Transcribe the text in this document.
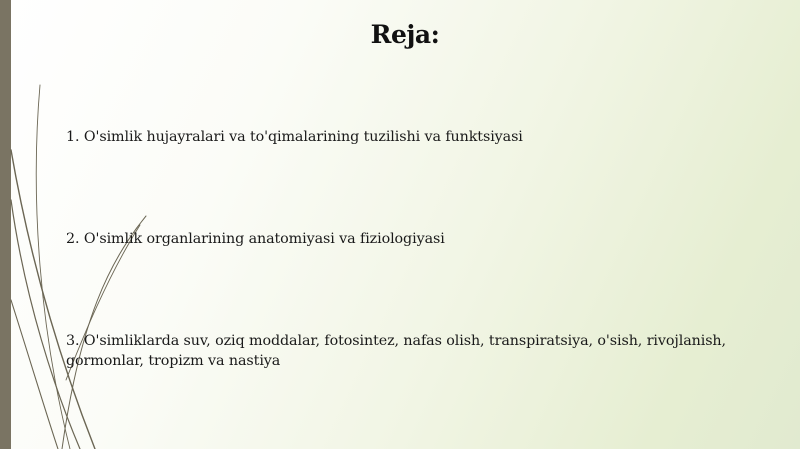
Reja:
1. O'simlik hujayralari va to'qimalarining tuzilishi va funktsiyasi
2. O'simlik organlarining anatomiyasi va fiziologiyasi
3. O'simliklarda suv, oziq moddalar, fotosintez, nafas olish, transpiratsiya, o'sish, rivojlanish, gormonlar, tropizm va nastiya
